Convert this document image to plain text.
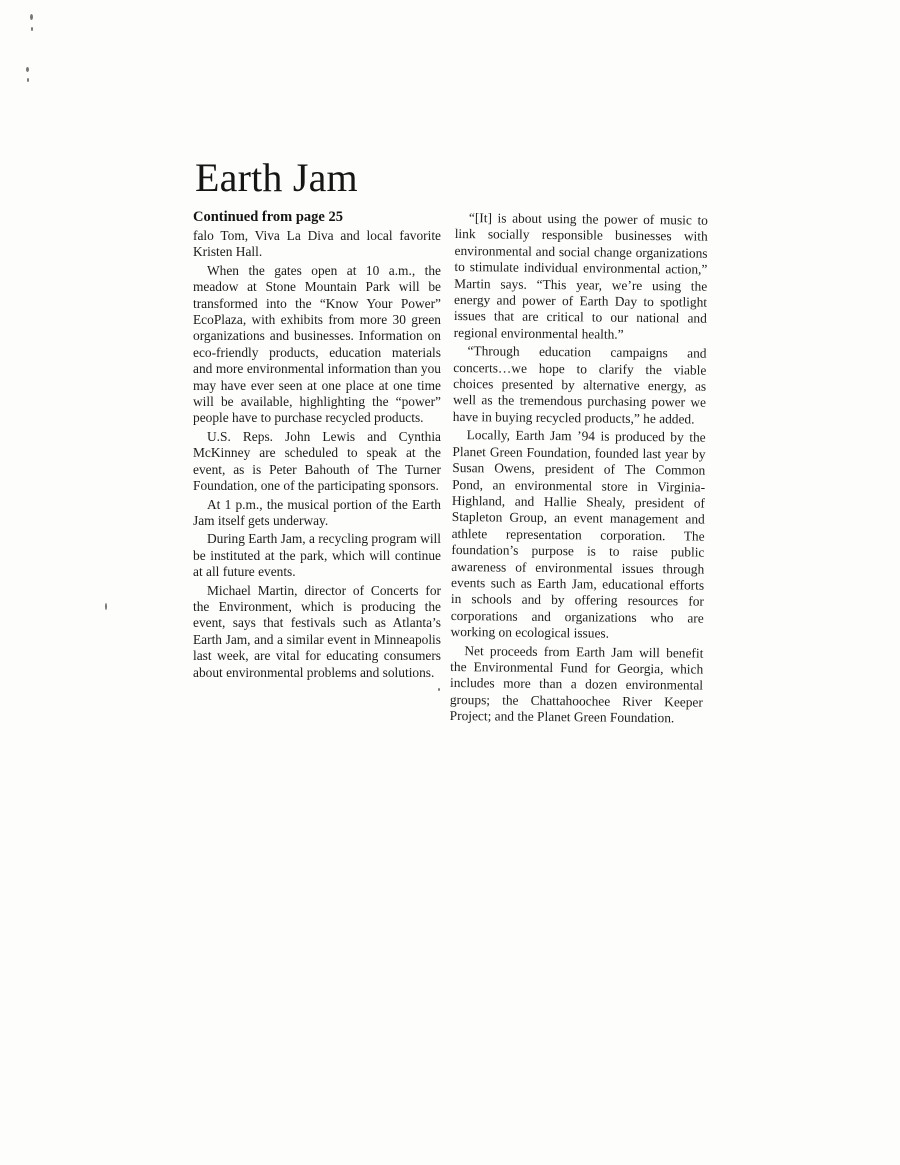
Earth Jam
Continued from page 25

falo Tom, Viva La Diva and local favorite Kristen Hall.

When the gates open at 10 a.m., the meadow at Stone Mountain Park will be transformed into the “Know Your Power” EcoPlaza, with exhibits from more 30 green organizations and businesses. Information on eco-friendly products, education materials and more environmental information than you may have ever seen at one place at one time will be available, highlighting the “power” people have to purchase recycled products.

U.S. Reps. John Lewis and Cynthia McKinney are scheduled to speak at the event, as is Peter Bahouth of The Turner Foundation, one of the participating sponsors.

At 1 p.m., the musical portion of the Earth Jam itself gets underway.

During Earth Jam, a recycling program will be instituted at the park, which will continue at all future events.

Michael Martin, director of Concerts for the Environment, which is producing the event, says that festivals such as Atlanta’s Earth Jam, and a similar event in Minneapolis last week, are vital for educating consumers about environmental problems and solutions.

“[It] is about using the power of music to link socially responsible businesses with environmental and social change organizations to stimulate individual environmental action,” Martin says. “This year, we’re using the energy and power of Earth Day to spotlight issues that are critical to our national and regional environmental health.”

“Through education campaigns and concerts…we hope to clarify the viable choices presented by alternative energy, as well as the tremendous purchasing power we have in buying recycled products,” he added.

Locally, Earth Jam ’94 is produced by the Planet Green Foundation, founded last year by Susan Owens, president of The Common Pond, an environmental store in Virginia-Highland, and Hallie Shealy, president of Stapleton Group, an event management and athlete representation corporation. The foundation’s purpose is to raise public awareness of environmental issues through events such as Earth Jam, educational efforts in schools and by offering resources for corporations and organizations who are working on ecological issues.

Net proceeds from Earth Jam will benefit the Environmental Fund for Georgia, which includes more than a dozen environmental groups; the Chattahoochee River Keeper Project; and the Planet Green Foundation.
